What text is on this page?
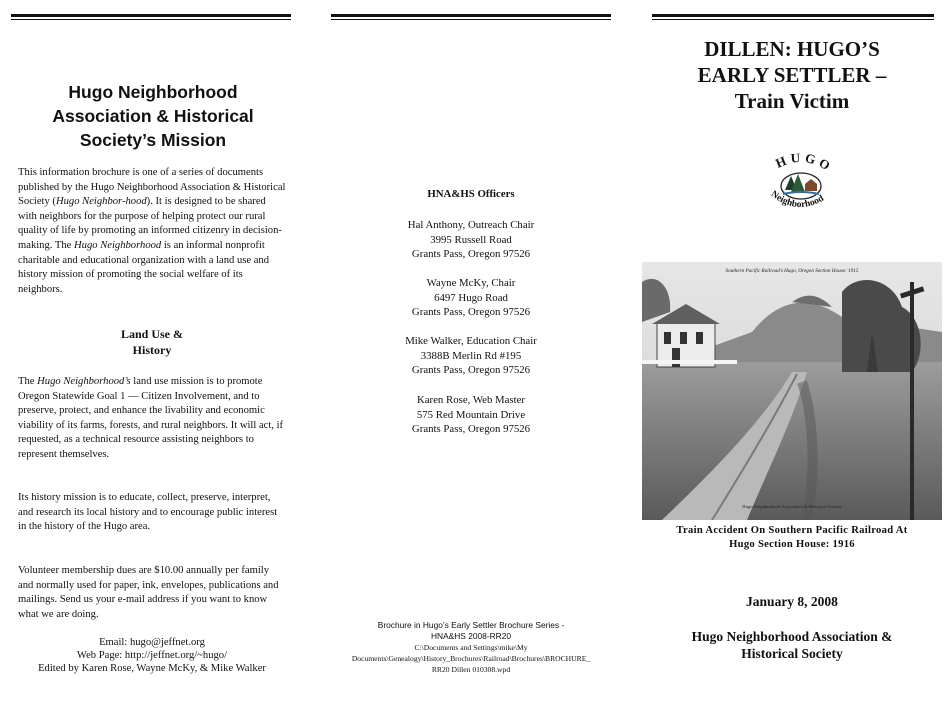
Hugo Neighborhood Association & Historical Society’s Mission
This information brochure is one of a series of documents published by the Hugo Neighborhood Association & Historical Society (Hugo Neighbor-hood). It is designed to be shared with neighbors for the purpose of helping protect our rural quality of life by promoting an informed citizenry in decision-making. The Hugo Neighborhood is an informal nonprofit charitable and educational organization with a land use and history mission of promoting the social welfare of its neighbors.
Land Use &
History
The Hugo Neighborhood’s land use mission is to promote Oregon Statewide Goal 1 — Citizen Involvement, and to preserve, protect, and enhance the livability and economic viability of its farms, forests, and rural neighbors. It will act, if requested, as a technical resource assisting neighbors to represent themselves.
Its history mission is to educate, collect, preserve, interpret, and research its local history and to encourage public interest in the history of the Hugo area.
Volunteer membership dues are $10.00 annually per family and normally used for paper, ink, envelopes, publications and mailings. Send us your e-mail address if you want to know what we are doing.
Email: hugo@jeffnet.org
Web Page: http://jeffnet.org/~hugo/
Edited by Karen Rose, Wayne McKy, & Mike Walker
HNA&HS Officers
Hal Anthony, Outreach Chair
3995 Russell Road
Grants Pass, Oregon 97526
Wayne McKy, Chair
6497 Hugo Road
Grants Pass, Oregon 97526
Mike Walker, Education Chair
3388B Merlin Rd #195
Grants Pass, Oregon 97526
Karen Rose, Web Master
575 Red Mountain Drive
Grants Pass, Oregon 97526
Brochure in Hugo’s Early Settler Brochure Series -
HNA&HS 2008-RR20
C:\Documents and Settings\mike\My
Documents\Genealogy\History_Brochures\Railroad\Brochures\BROCHURE_
RR20 Dillen 010308.wpd
DILLEN: HUGO’S
EARLY SETTLER –
Train Victim
HUGO
Neighborhood
Southern Pacific Railroad’s Hugo, Oregon Section House: 1915
Hugo Neighborhood Association & Historical Society
Train Accident On Southern Pacific Railroad At
Hugo Section House: 1916
January 8, 2008
Hugo Neighborhood Association &
Historical Society
